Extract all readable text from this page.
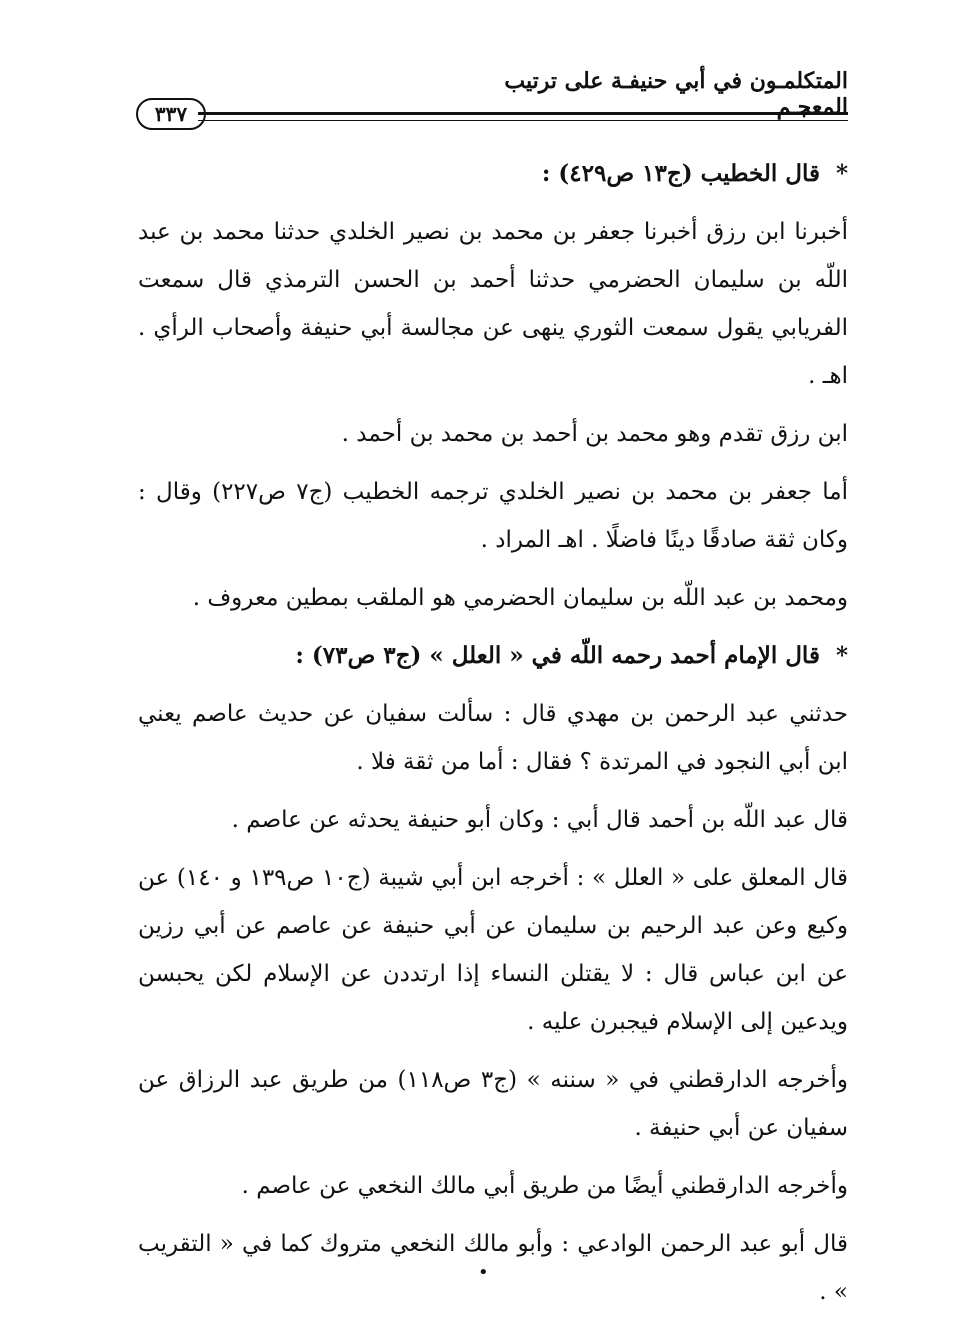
المتكلمـون في أبي حنيفـة على ترتيب المعجـم
٣٣٧

* قال الخطيب (ج١٣ ص٤٢٩) :

أخبرنا ابن رزق أخبرنا جعفر بن محمد بن نصير الخلدي حدثنا محمد بن عبد اللّه بن سليمان الحضرمي حدثنا أحمد بن الحسن الترمذي قال سمعت الفريابي يقول سمعت الثوري ينهى عن مجالسة أبي حنيفة وأصحاب الرأي . اهـ .

ابن رزق تقدم وهو محمد بن أحمد بن محمد بن أحمد .

أما جعفر بن محمد بن نصير الخلدي ترجمه الخطيب (ج٧ ص٢٢٧) وقال : وكان ثقة صادقًا دينًا فاضلًا . اهـ المراد .

ومحمد بن عبد اللّه بن سليمان الحضرمي هو الملقب بمطين معروف .

* قال الإمام أحمد رحمه اللّه في « العلل » (ج٣ ص٧٣) :

حدثني عبد الرحمن بن مهدي قال : سألت سفيان عن حديث عاصم يعني ابن أبي النجود في المرتدة ؟ فقال : أما من ثقة فلا .

قال عبد اللّه بن أحمد قال أبي : وكان أبو حنيفة يحدثه عن عاصم .

قال المعلق على « العلل » : أخرجه ابن أبي شيبة (ج١٠ ص١٣٩ و ١٤٠) عن وكيع وعن عبد الرحيم بن سليمان عن أبي حنيفة عن عاصم عن أبي رزين عن ابن عباس قال : لا يقتلن النساء إذا ارتددن عن الإسلام لكن يحبسن ويدعين إلى الإسلام فيجبرن عليه .

وأخرجه الدارقطني في « سننه » (ج٣ ص١١٨) من طريق عبد الرزاق عن سفيان عن أبي حنيفة .

وأخرجه الدارقطني أيضًا من طريق أبي مالك النخعي عن عاصم .

قال أبو عبد الرحمن الوادعي : وأبو مالك النخعي متروك كما في « التقريب » .

•
